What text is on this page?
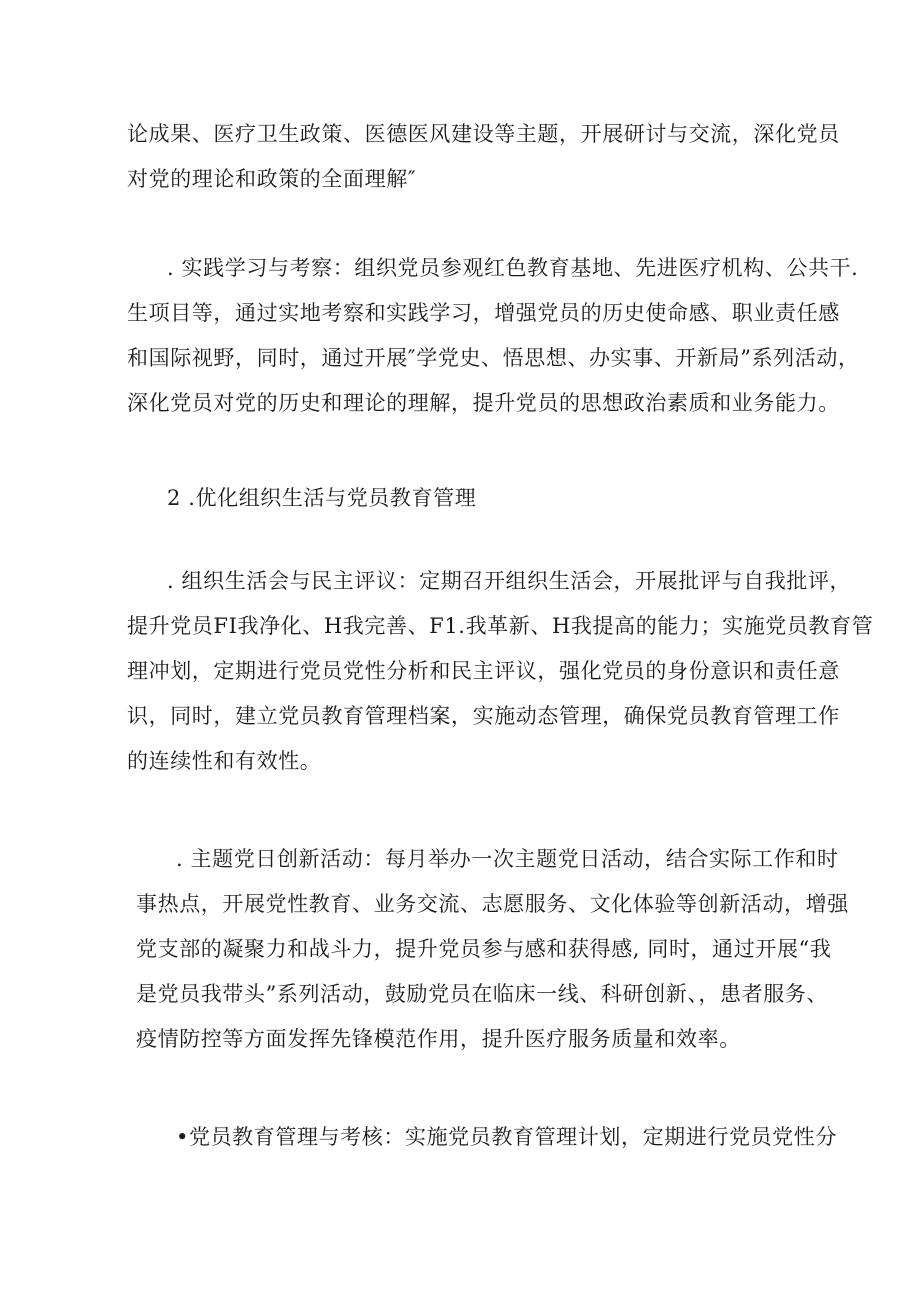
论成果、医疗卫生政策、医德医风建设等主题，开展研讨与交流，深化党员
对党的理论和政策的全面理解″
. 实践学习与考察：组织党员参观红色教育基地、先进医疗机构、公共干.
生项目等，通过实地考察和实践学习，增强党员的历史使命感、职业责任感
和国际视野，同时，通过开展″学党史、悟思想、办实事、开新局”系列活动，
深化党员对党的历史和理论的理解，提升党员的思想政治素质和业务能力。
2 .优化组织生活与党员教育管理
. 组织生活会与民主评议：定期召开组织生活会，开展批评与自我批评，
提升党员FI我净化、H我完善、F1.我革新、H我提高的能力；实施党员教育管
理冲划，定期进行党员党性分析和民主评议，强化党员的身份意识和责任意
识，同时，建立党员教育管理档案，实施动态管理，确保党员教育管理工作
的连续性和有效性。
. 主题党日创新活动：每月举办一次主题党日活动，结合实际工作和时
事热点，开展党性教育、业务交流、志愿服务、文化体验等创新活动，增强
党支部的凝聚力和战斗力，提升党员参与感和获得感, 同时，通过开展“我
是党员我带头”系列活动，鼓励党员在临床一线、科研创新、，患者服务、
疫情防控等方面发挥先锋模范作用，提升医疗服务质量和效率。
•党员教育管理与考核：实施党员教育管理计划，定期进行党员党性分
